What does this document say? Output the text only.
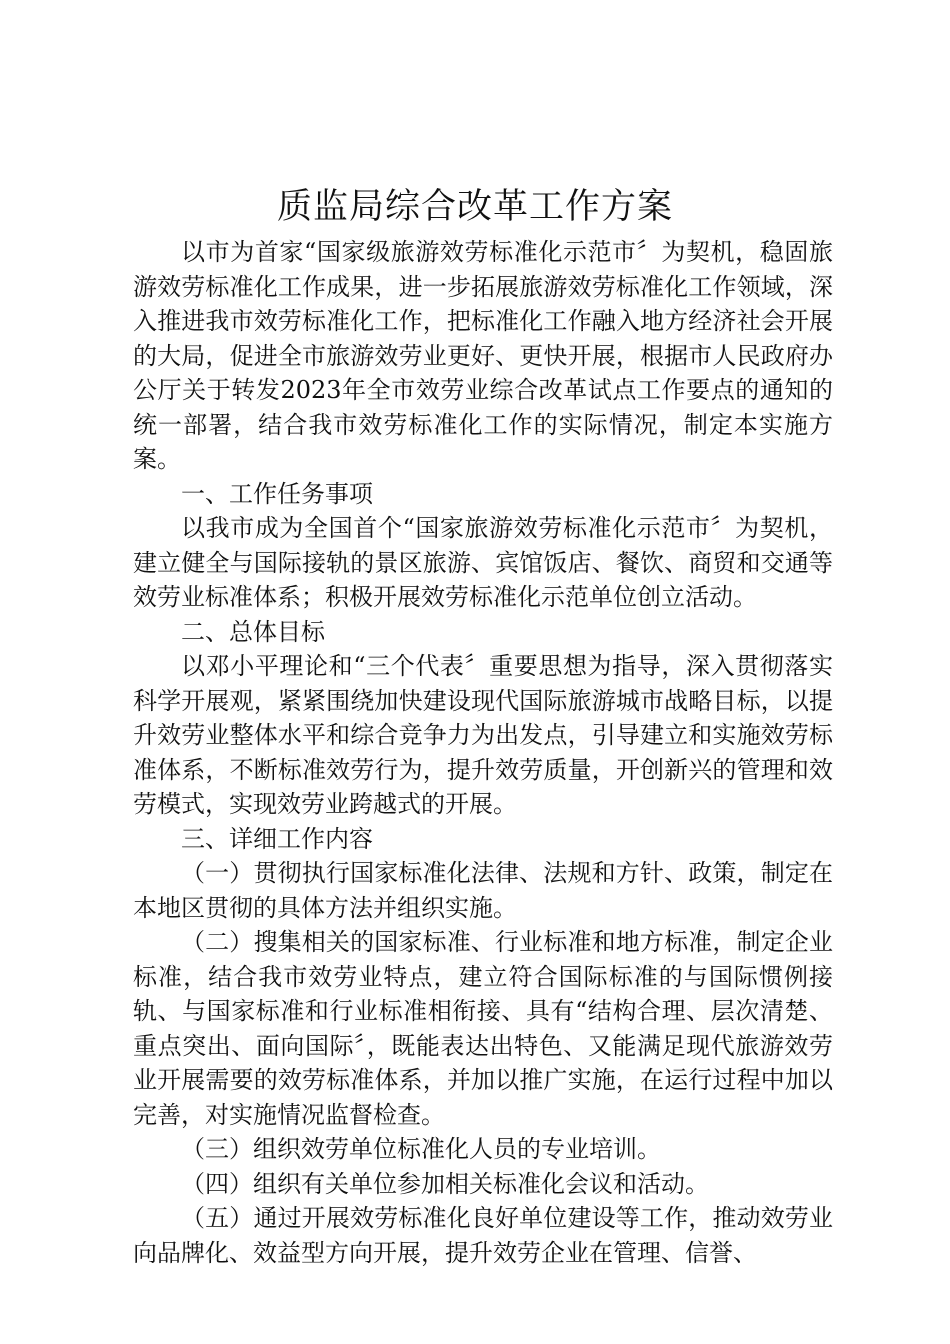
质监局综合改革工作方案

以市为首家“国家级旅游效劳标准化示范市〞为契机，稳固旅游效劳标准化工作成果，进一步拓展旅游效劳标准化工作领域，深入推进我市效劳标准化工作，把标准化工作融入地方经济社会开展的大局，促进全市旅游效劳业更好、更快开展，根据市人民政府办公厅关于转发2023年全市效劳业综合改革试点工作要点的通知的统一部署，结合我市效劳标准化工作的实际情况，制定本实施方案。

一、工作任务事项

以我市成为全国首个“国家旅游效劳标准化示范市〞为契机，建立健全与国际接轨的景区旅游、宾馆饭店、餐饮、商贸和交通等效劳业标准体系；积极开展效劳标准化示范单位创立活动。

二、总体目标

以邓小平理论和“三个代表〞重要思想为指导，深入贯彻落实科学开展观，紧紧围绕加快建设现代国际旅游城市战略目标，以提升效劳业整体水平和综合竞争力为出发点，引导建立和实施效劳标准体系，不断标准效劳行为，提升效劳质量，开创新兴的管理和效劳模式，实现效劳业跨越式的开展。

三、详细工作内容

（一）贯彻执行国家标准化法律、法规和方针、政策，制定在本地区贯彻的具体方法并组织实施。

（二）搜集相关的国家标准、行业标准和地方标准，制定企业标准，结合我市效劳业特点，建立符合国际标准的与国际惯例接轨、与国家标准和行业标准相衔接、具有“结构合理、层次清楚、重点突出、面向国际〞，既能表达出特色、又能满足现代旅游效劳业开展需要的效劳标准体系，并加以推广实施，在运行过程中加以完善，对实施情况监督检查。

（三）组织效劳单位标准化人员的专业培训。

（四）组织有关单位参加相关标准化会议和活动。

（五）通过开展效劳标准化良好单位建设等工作，推动效劳业向品牌化、效益型方向开展，提升效劳企业在管理、信誉、
